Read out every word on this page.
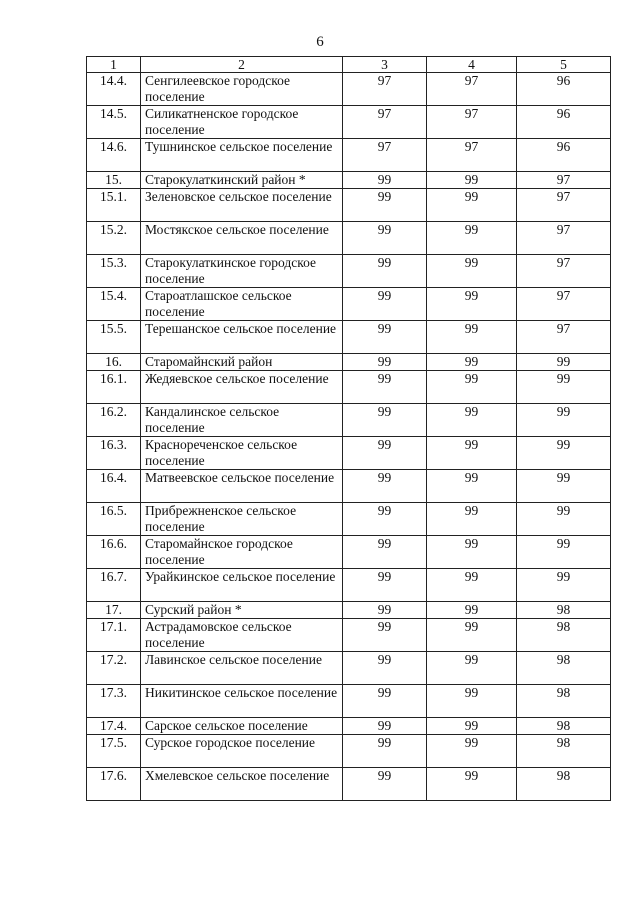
6
1	2	3	4	5
14.4.	Сенгилеевское городское поселение	97	97	96
14.5.	Силикатненское городское поселение	97	97	96
14.6.	Тушнинское сельское поселение	97	97	96
15.	Старокулаткинский район *	99	99	97
15.1.	Зеленовское сельское поселение	99	99	97
15.2.	Мостякское сельское поселение	99	99	97
15.3.	Старокулаткинское городское поселение	99	99	97
15.4.	Староатлашское сельское поселение	99	99	97
15.5.	Терешанское сельское поселение	99	99	97
16.	Старомайнский район	99	99	99
16.1.	Жедяевское сельское поселение	99	99	99
16.2.	Кандалинское сельское поселение	99	99	99
16.3.	Краснореченское сельское поселение	99	99	99
16.4.	Матвеевское сельское поселение	99	99	99
16.5.	Прибрежненское сельское поселение	99	99	99
16.6.	Старомайнское городское поселение	99	99	99
16.7.	Урайкинское сельское поселение	99	99	99
17.	Сурский район *	99	99	98
17.1.	Астрадамовское сельское поселение	99	99	98
17.2.	Лавинское сельское поселение	99	99	98
17.3.	Никитинское сельское поселение	99	99	98
17.4.	Сарское сельское поселение	99	99	98
17.5.	Сурское городское поселение	99	99	98
17.6.	Хмелевское сельское поселение	99	99	98
